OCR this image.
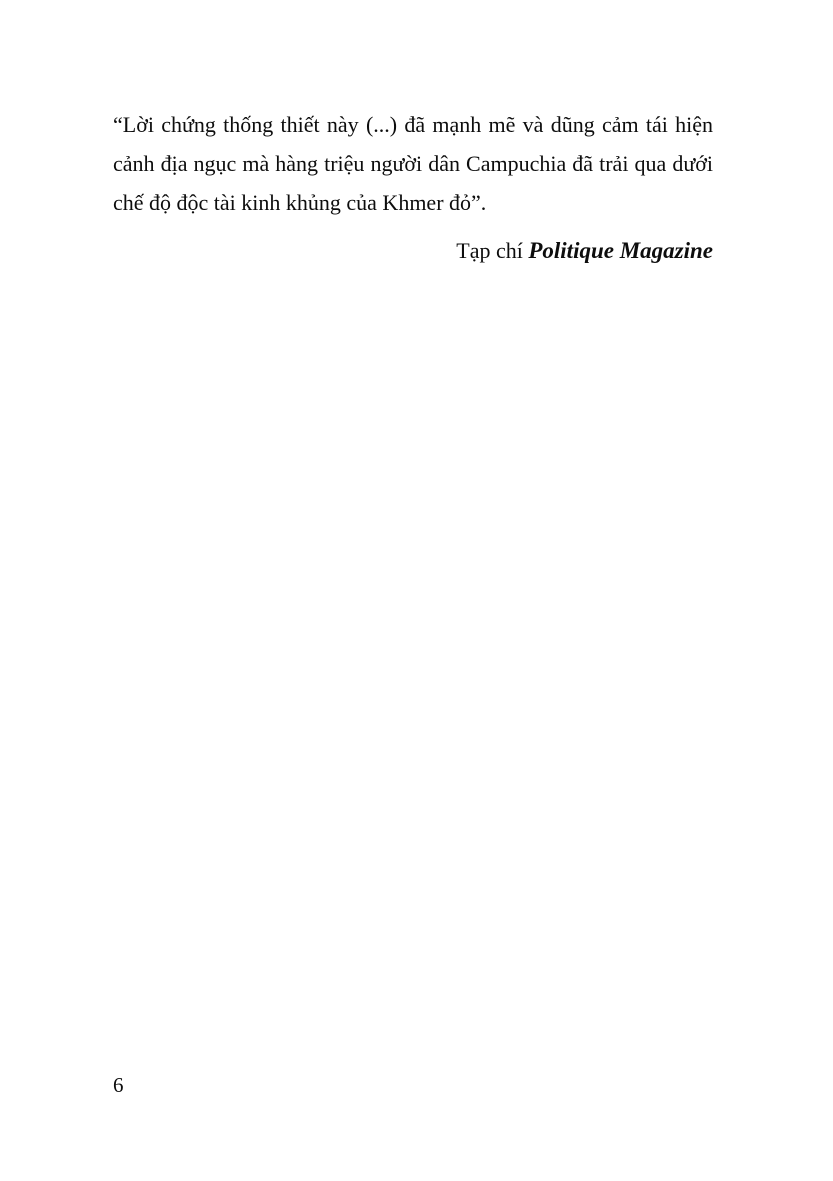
“Lời chứng thống thiết này (...) đã mạnh mẽ và dũng cảm tái hiện cảnh địa ngục mà hàng triệu người dân Campuchia đã trải qua dưới chế độ độc tài kinh khủng của Khmer đỏ”.

Tạp chí Politique Magazine
6
